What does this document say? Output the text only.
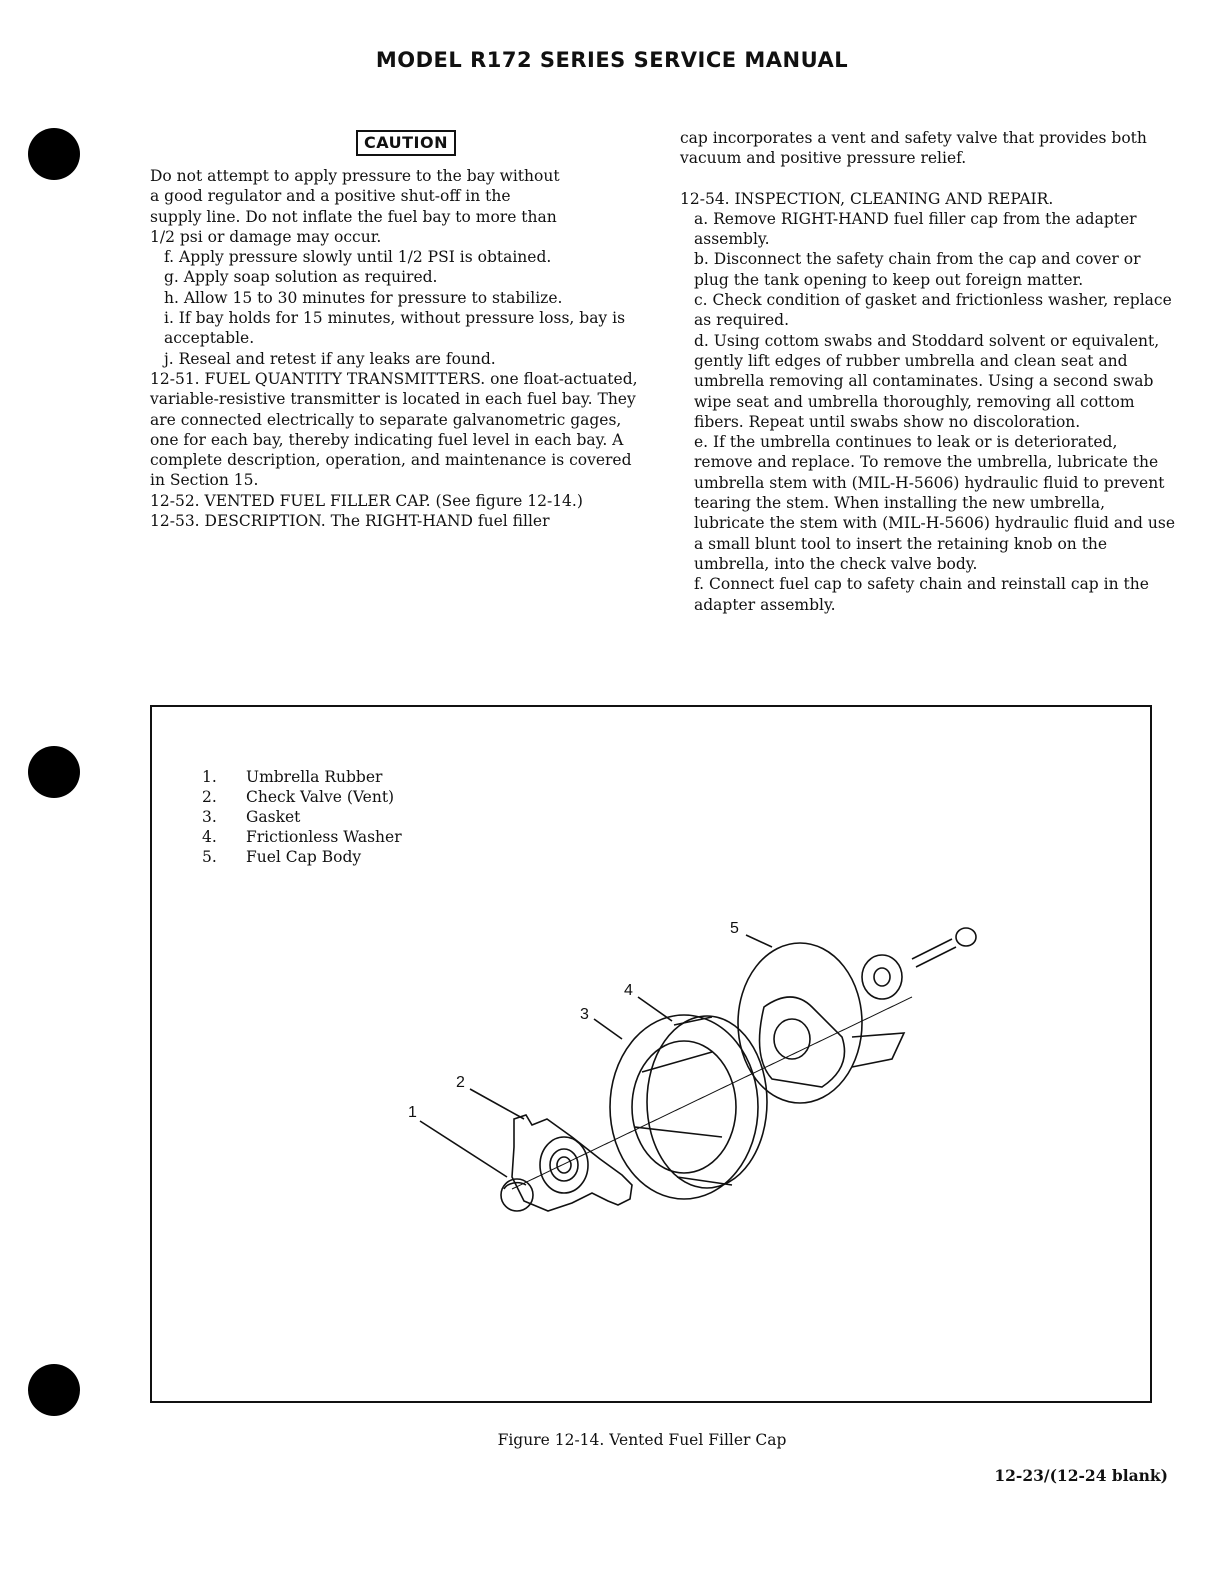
MODEL R172 SERIES SERVICE MANUAL
CAUTION

Do not attempt to apply pressure to the bay without a good regulator and a positive shut-off in the supply line. Do not inflate the fuel bay to more than 1/2 psi or damage may occur.

f. Apply pressure slowly until 1/2 PSI is obtained.

g. Apply soap solution as required.

h. Allow 15 to 30 minutes for pressure to stabilize.

i. If bay holds for 15 minutes, without pressure loss, bay is acceptable.

j. Reseal and retest if any leaks are found.

12-51. FUEL QUANTITY TRANSMITTERS. one float-actuated, variable-resistive transmitter is located in each fuel bay. They are connected electrically to separate galvanometric gages, one for each bay, thereby indicating fuel level in each bay. A complete description, operation, and maintenance is covered in Section 15.

12-52. VENTED FUEL FILLER CAP. (See figure 12-14.)

12-53. DESCRIPTION. The RIGHT-HAND fuel filler

cap incorporates a vent and safety valve that provides both vacuum and positive pressure relief.

12-54. INSPECTION, CLEANING AND REPAIR.

a. Remove RIGHT-HAND fuel filler cap from the adapter assembly.

b. Disconnect the safety chain from the cap and cover or plug the tank opening to keep out foreign matter.

c. Check condition of gasket and frictionless washer, replace as required.

d. Using cottom swabs and Stoddard solvent or equivalent, gently lift edges of rubber umbrella and clean seat and umbrella removing all contaminates. Using a second swab wipe seat and umbrella thoroughly, removing all cottom fibers. Repeat until swabs show no discoloration.

e. If the umbrella continues to leak or is deteriorated, remove and replace. To remove the umbrella, lubricate the umbrella stem with (MIL-H-5606) hydraulic fluid to prevent tearing the stem. When installing the new umbrella, lubricate the stem with (MIL-H-5606) hydraulic fluid and use a small blunt tool to insert the retaining knob on the umbrella, into the check valve body.

f. Connect fuel cap to safety chain and reinstall cap in the adapter assembly.

1.	Umbrella Rubber
2.	Check Valve (Vent)
3.	Gasket
4.	Frictionless Washer
5.	Fuel Cap Body
1
2
3
4
5
Figure 12-14. Vented Fuel Filler Cap
12-23/(12-24 blank)
